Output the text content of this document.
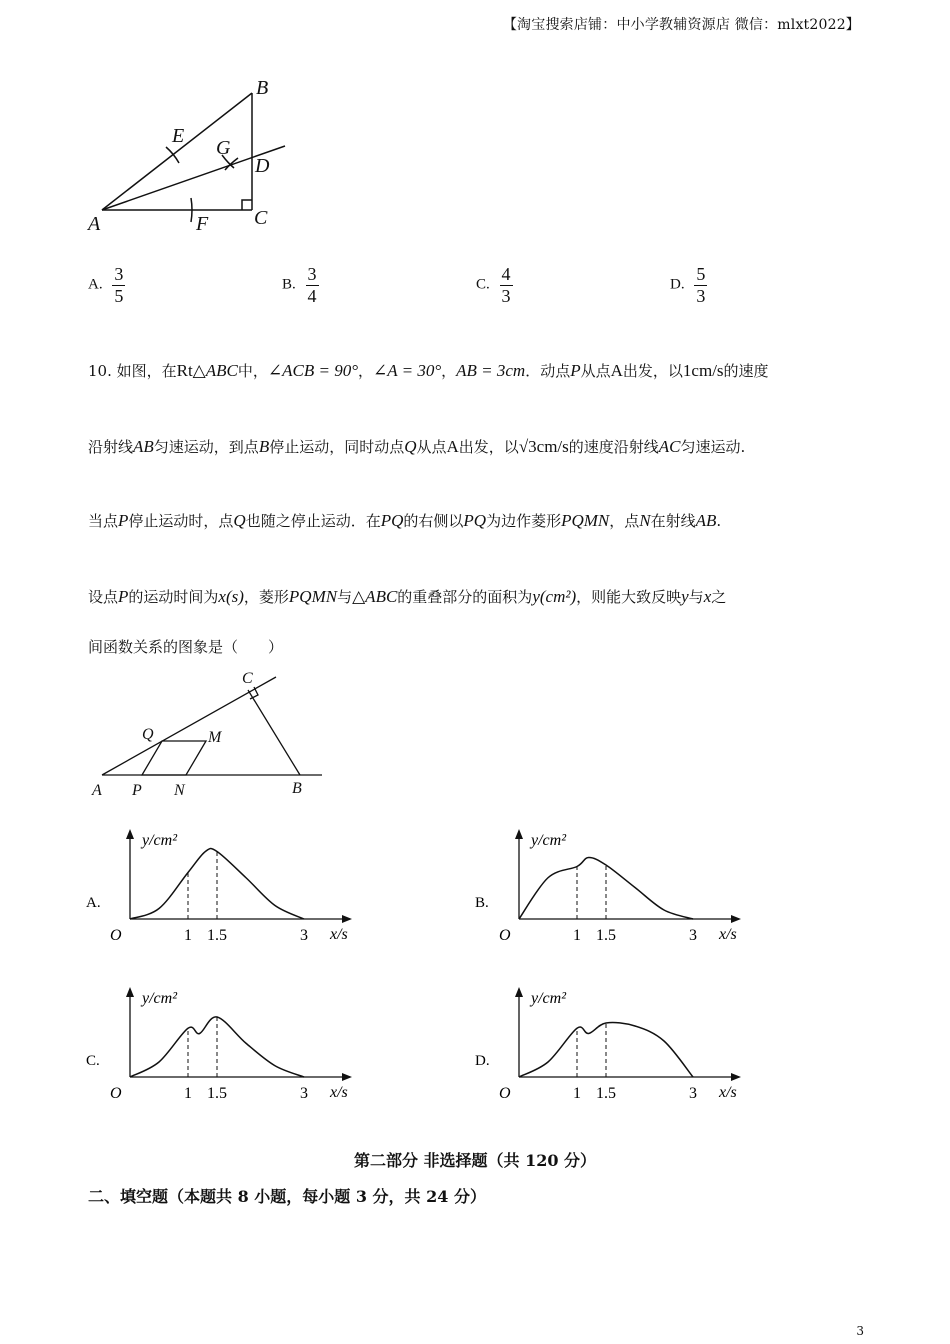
【淘宝搜索店铺：中小学教辅资源店 微信：mlxt2022】
A
B
C
D
E
F
G
A. $\frac{3}{5}$	B. $\frac{3}{4}$	C. $\frac{4}{3}$	D. $\frac{5}{3}$
10. 如图，在Rt△ABC中，∠ACB = 90°，∠A = 30°，AB = 3cm．动点P从点A出发，以1cm/s的速度
沿射线AB匀速运动，到点B停止运动，同时动点Q从点A出发，以√3cm/s的速度沿射线AC匀速运动.
当点P停止运动时，点Q也随之停止运动．在PQ的右侧以PQ为边作菱形PQMN，点N在射线AB.
设点P的运动时间为x(s)，菱形PQMN与△ABC的重叠部分的面积为y(cm²)，则能大致反映y与x之
间函数关系的图象是（　　）
C
Q	M
A P N	B
A.
y/cm²
x/s
O	1 1.5	3
B.
y/cm²
x/s
O	1 1.5	3
C.
y/cm²
x/s
O	1 1.5	3
D.
y/cm²
x/s
O	1 1.5	3
第二部分 非选择题（共 120 分）
二、填空题（本题共 8 小题，每小题 3 分，共 24 分）
3
